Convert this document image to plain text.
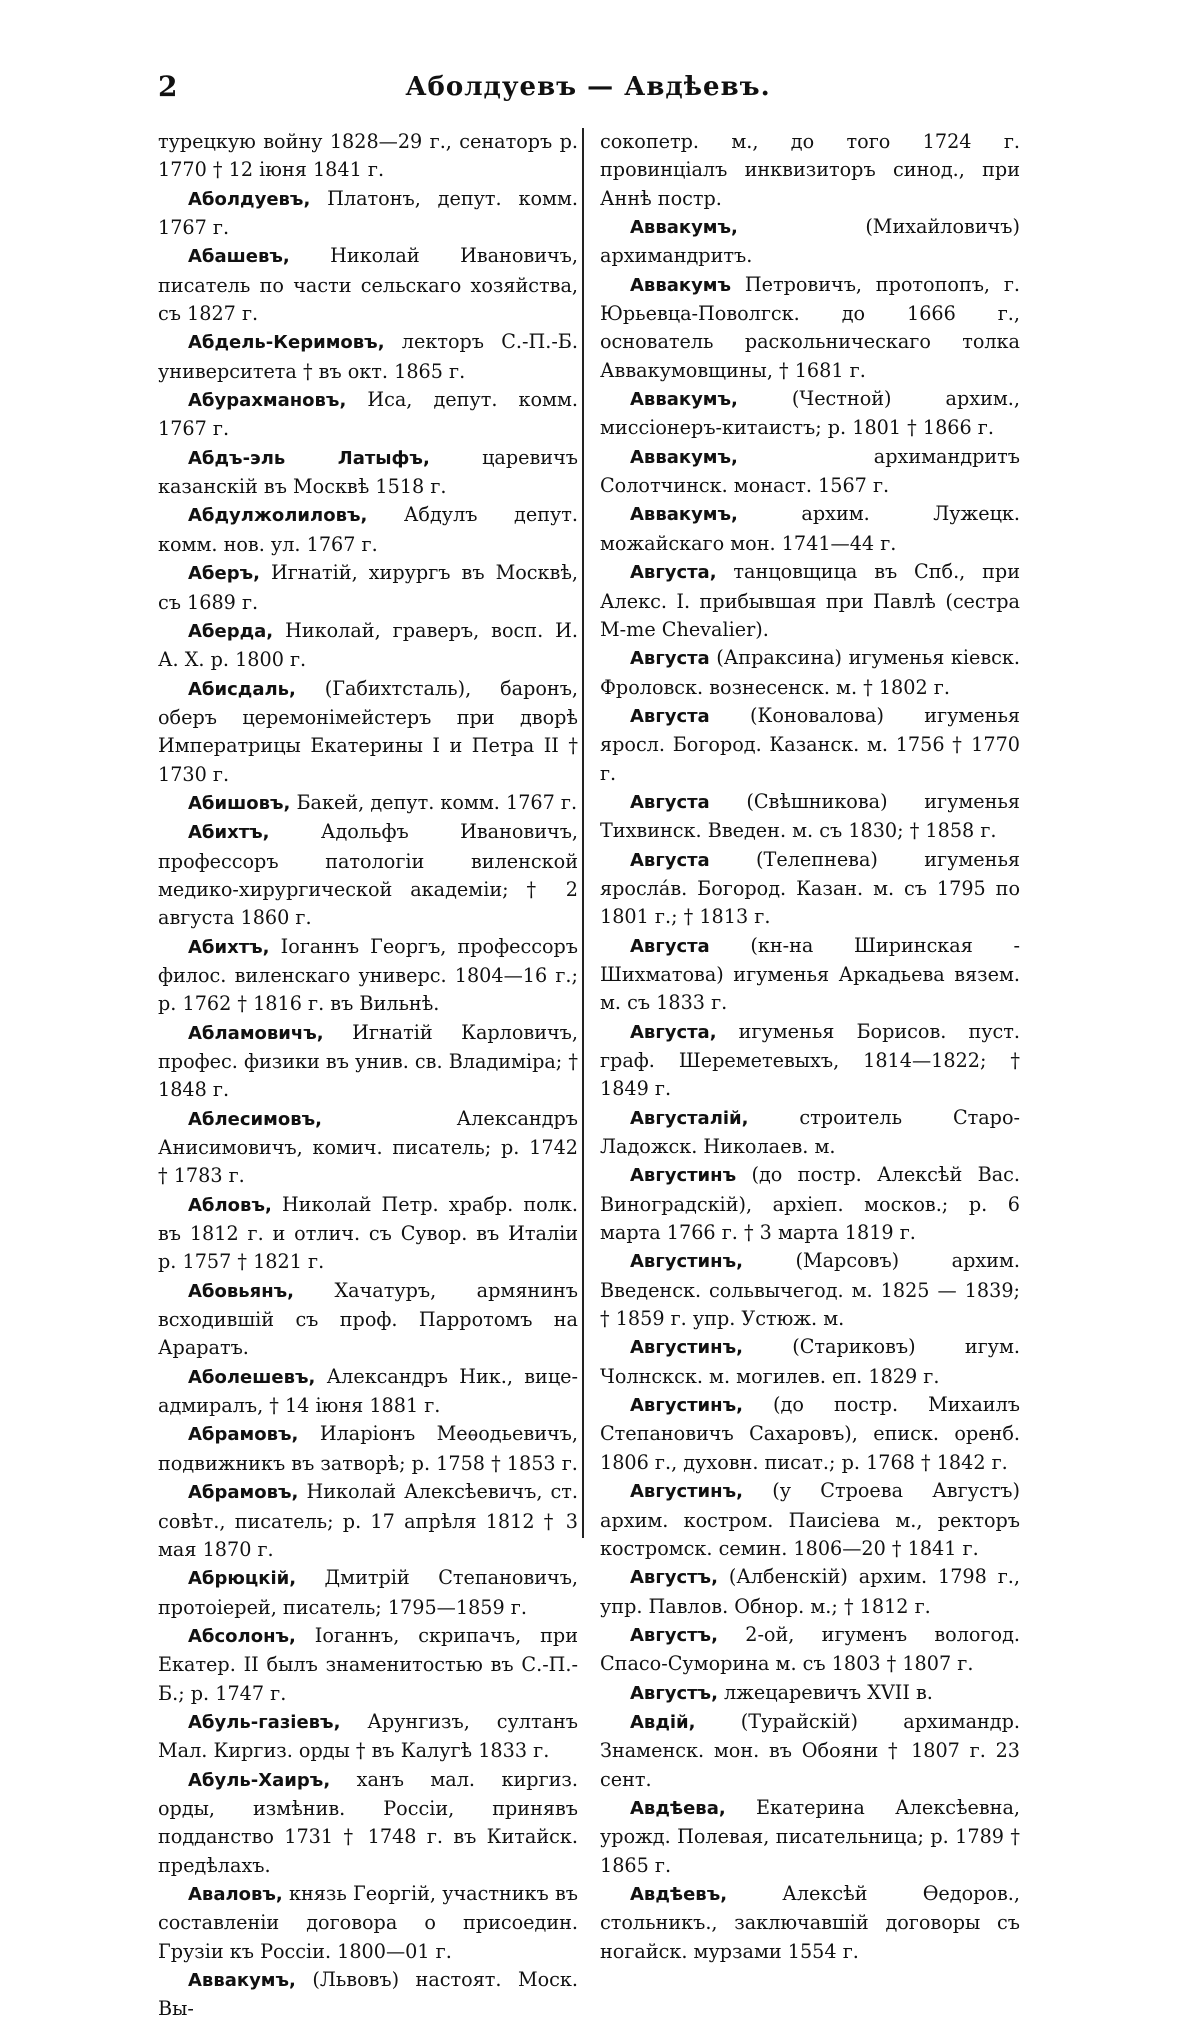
2	Аболдуевъ — Авдѣевъ.

турецкую войну 1828—29 г., сенаторъ р. 1770 † 12 іюня 1841 г.

Аболдуевъ, Платонъ, депут. комм. 1767 г.

Абашевъ, Николай Ивановичъ, писатель по части сельскаго хозяйства, съ 1827 г.

Абдель-Керимовъ, лекторъ С.-П.-Б. университета † въ окт. 1865 г.

Абурахмановъ, Иса, депут. комм. 1767 г.

Абдъ-эль Латыфъ, царевичъ казанскій въ Москвѣ 1518 г.

Абдулжолиловъ, Абдулъ депут. комм. нов. ул. 1767 г.

Аберъ, Игнатій, хирургъ въ Москвѣ, съ 1689 г.

Аберда, Николай, граверъ, восп. И. А. Х. р. 1800 г.

Абисдаль, (Габихтсталь), баронъ, оберъ церемонімейстеръ при дворѣ Императрицы Екатерины I и Петра II † 1730 г.

Абишовъ, Бакей, депут. комм. 1767 г.

Абихтъ, Адольфъ Ивановичъ, профессоръ патологіи виленской медико-хирургической академіи; † 2 августа 1860 г.

Абихтъ, Іоганнъ Георгъ, профессоръ филос. виленскаго универс. 1804—16 г.; р. 1762 † 1816 г. въ Вильнѣ.

Абламовичъ, Игнатій Карловичъ, профес. физики въ унив. св. Владиміра; † 1848 г.

Аблесимовъ, Александръ Анисимовичъ, комич. писатель; р. 1742 † 1783 г.

Абловъ, Николай Петр. храбр. полк. въ 1812 г. и отлич. съ Сувор. въ Италіи р. 1757 † 1821 г.

Абовьянъ, Хачатуръ, армянинъ всходившій съ проф. Парротомъ на Араратъ.

Аболешевъ, Александръ Ник., вице-адмиралъ, † 14 іюня 1881 г.

Абрамовъ, Иларіонъ Меѳодьевичъ, подвижникъ въ затворѣ; р. 1758 † 1853 г.

Абрамовъ, Николай Алексѣевичъ, ст. совѣт., писатель; р. 17 апрѣля 1812 † 3 мая 1870 г.

Абрюцкій, Дмитрій Степановичъ, протоіерей, писатель; 1795—1859 г.

Абсолонъ, Іоганнъ, скрипачъ, при Екатер. II былъ знаменитостью въ С.-П.-Б.; р. 1747 г.

Абуль-газіевъ, Арунгизъ, султанъ Мал. Киргиз. орды † въ Калугѣ 1833 г.

Абуль-Хаиръ, ханъ мал. киргиз. орды, измѣнив. Россіи, принявъ подданство 1731 † 1748 г. въ Китайск. предѣлахъ.

Аваловъ, князь Георгій, участникъ въ составленіи договора о присоедин. Грузіи къ Россіи. 1800—01 г.

Аввакумъ, (Львовъ) настоят. Моск. Вы-

сокопетр. м., до того 1724 г. провинціалъ инквизиторъ синод., при Аннѣ постр.

Аввакумъ, (Михайловичъ) архимандритъ.

Аввакумъ Петровичъ, протопопъ, г. Юрьевца-Поволгск. до 1666 г., основатель раскольническаго толка Аввакумовщины, † 1681 г.

Аввакумъ, (Честной) архим., миссіонеръ-китаистъ; р. 1801 † 1866 г.

Аввакумъ, архимандритъ Солотчинск. монаст. 1567 г.

Аввакумъ, архим. Лужецк. можайскаго мон. 1741—44 г.

Августа, танцовщица въ Спб., при Алекс. I. прибывшая при Павлѣ (сестра M-me Chevalier).

Августа (Апраксина) игуменья кіевск. Фроловск. вознесенск. м. † 1802 г.

Августа (Коновалова) игуменья яросл. Богород. Казанск. м. 1756 † 1770 г.

Августа (Свѣшникова) игуменья Тихвинск. Введен. м. съ 1830; † 1858 г.

Августа (Телепнева) игуменья яросла́в. Богород. Казан. м. съ 1795 по 1801 г.; † 1813 г.

Августа (кн-на Ширинская - Шихматова) игуменья Аркадьева вязем. м. съ 1833 г.

Августа, игуменья Борисов. пуст. граф. Шереметевыхъ, 1814—1822; † 1849 г.

Августалій, строитель Старо-Ладожск. Николаев. м.

Августинъ (до постр. Алексѣй Вас. Виноградскій), архіеп. москов.; р. 6 марта 1766 г. † 3 марта 1819 г.

Августинъ, (Марсовъ) архим. Введенск. сольвычегод. м. 1825 — 1839; † 1859 г. упр. Устюж. м.

Августинъ, (Стариковъ) игум. Чолнскск. м. могилев. еп. 1829 г.

Августинъ, (до постр. Михаилъ Степановичъ Сахаровъ), еписк. оренб. 1806 г., духовн. писат.; р. 1768 † 1842 г.

Августинъ, (у Строева Августъ) архим. костром. Паисіева м., ректоръ костромск. семин. 1806—20 † 1841 г.

Августъ, (Албенскій) архим. 1798 г., упр. Павлов. Обнор. м.; † 1812 г.

Августъ, 2-ой, игуменъ вологод. Спасо-Суморина м. съ 1803 † 1807 г.

Августъ, лжецаревичъ XVII в.

Авдій, (Турайскій) архимандр. Знаменск. мон. въ Обояни † 1807 г. 23 сент.

Авдѣева, Екатерина Алексѣевна, урожд. Полевая, писательница; р. 1789 † 1865 г.

Авдѣевъ, Алексѣй Ѳедоров., стольникъ., заключавшій договоры съ ногайск. мурзами 1554 г.
